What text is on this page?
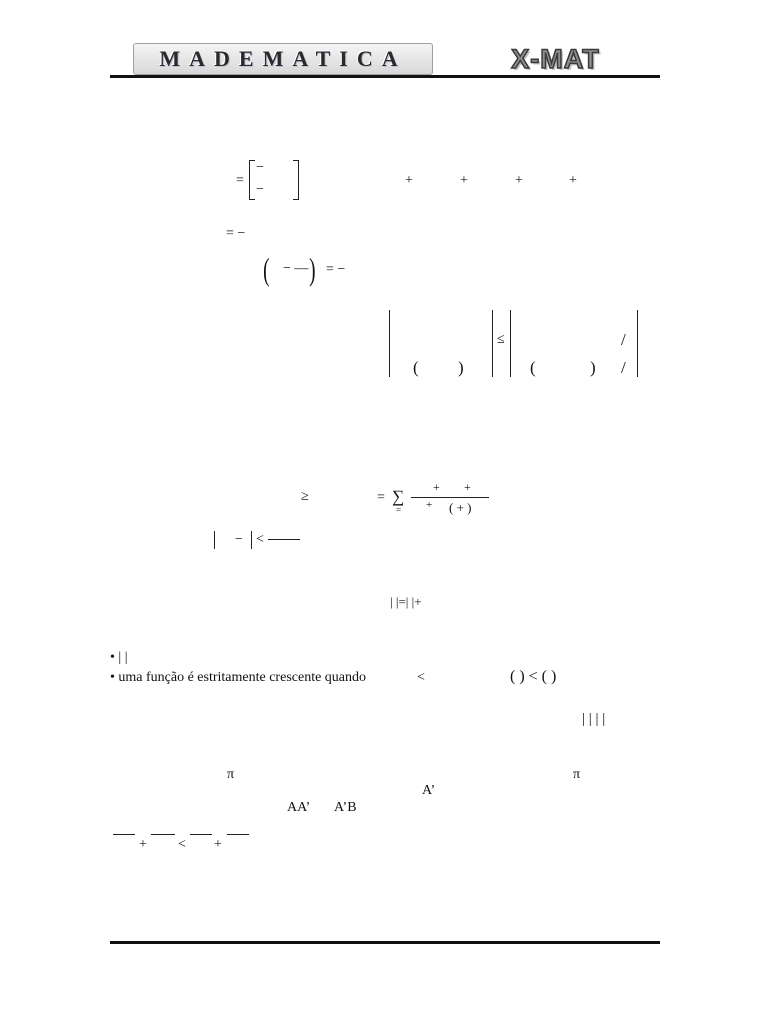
MADEMATICA	X-MAT
=
−
−
+	+	+	+
= −
( − — ) = −
≤
( )	(	)
/
/
≥	= ∑
=
+ +
+ ( + )
− <
| |=| |+
• | |
• uma função é estritamente crescente quando	<	( ) < ( )
| | | |
π	π
A’
AA’ A’B
+ < +
